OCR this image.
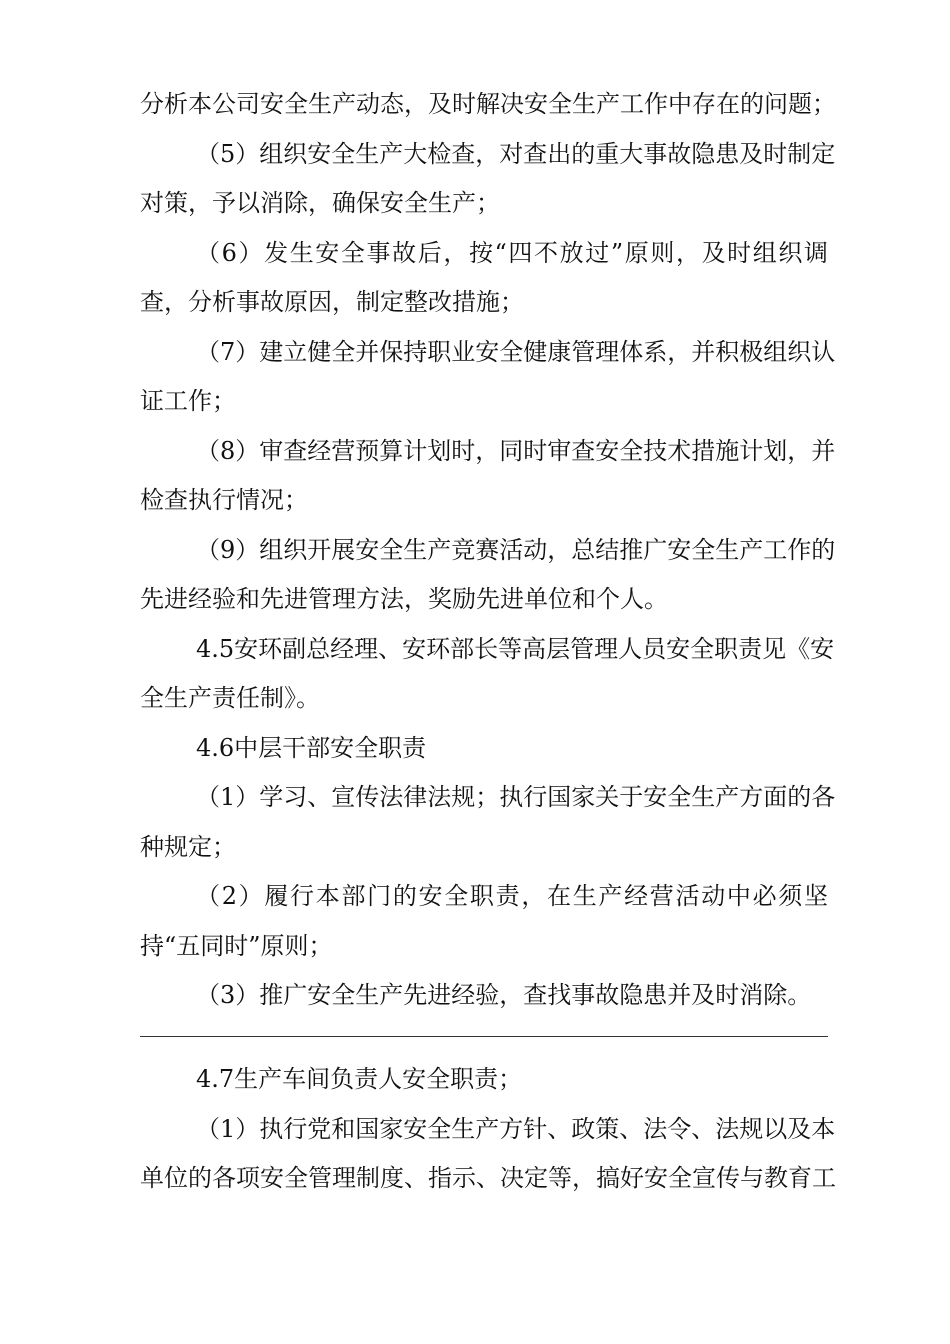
分析本公司安全生产动态，及时解决安全生产工作中存在的问题；
（5）组织安全生产大检查，对查出的重大事故隐患及时制定
对策，予以消除，确保安全生产；
（6）发生安全事故后，按“四不放过”原则，及时组织调
查，分析事故原因，制定整改措施；
（7）建立健全并保持职业安全健康管理体系，并积极组织认
证工作；
（8）审查经营预算计划时，同时审查安全技术措施计划，并
检查执行情况；
（9）组织开展安全生产竞赛活动，总结推广安全生产工作的
先进经验和先进管理方法，奖励先进单位和个人。
4.5安环副总经理、安环部长等高层管理人员安全职责见《安
全生产责任制》。
4.6中层干部安全职责
（1）学习、宣传法律法规；执行国家关于安全生产方面的各
种规定；
（2）履行本部门的安全职责，在生产经营活动中必须坚
持“五同时”原则；
（3）推广安全生产先进经验，查找事故隐患并及时消除。
4.7生产车间负责人安全职责；
（1）执行党和国家安全生产方针、政策、法令、法规以及本
单位的各项安全管理制度、指示、决定等，搞好安全宣传与教育工
